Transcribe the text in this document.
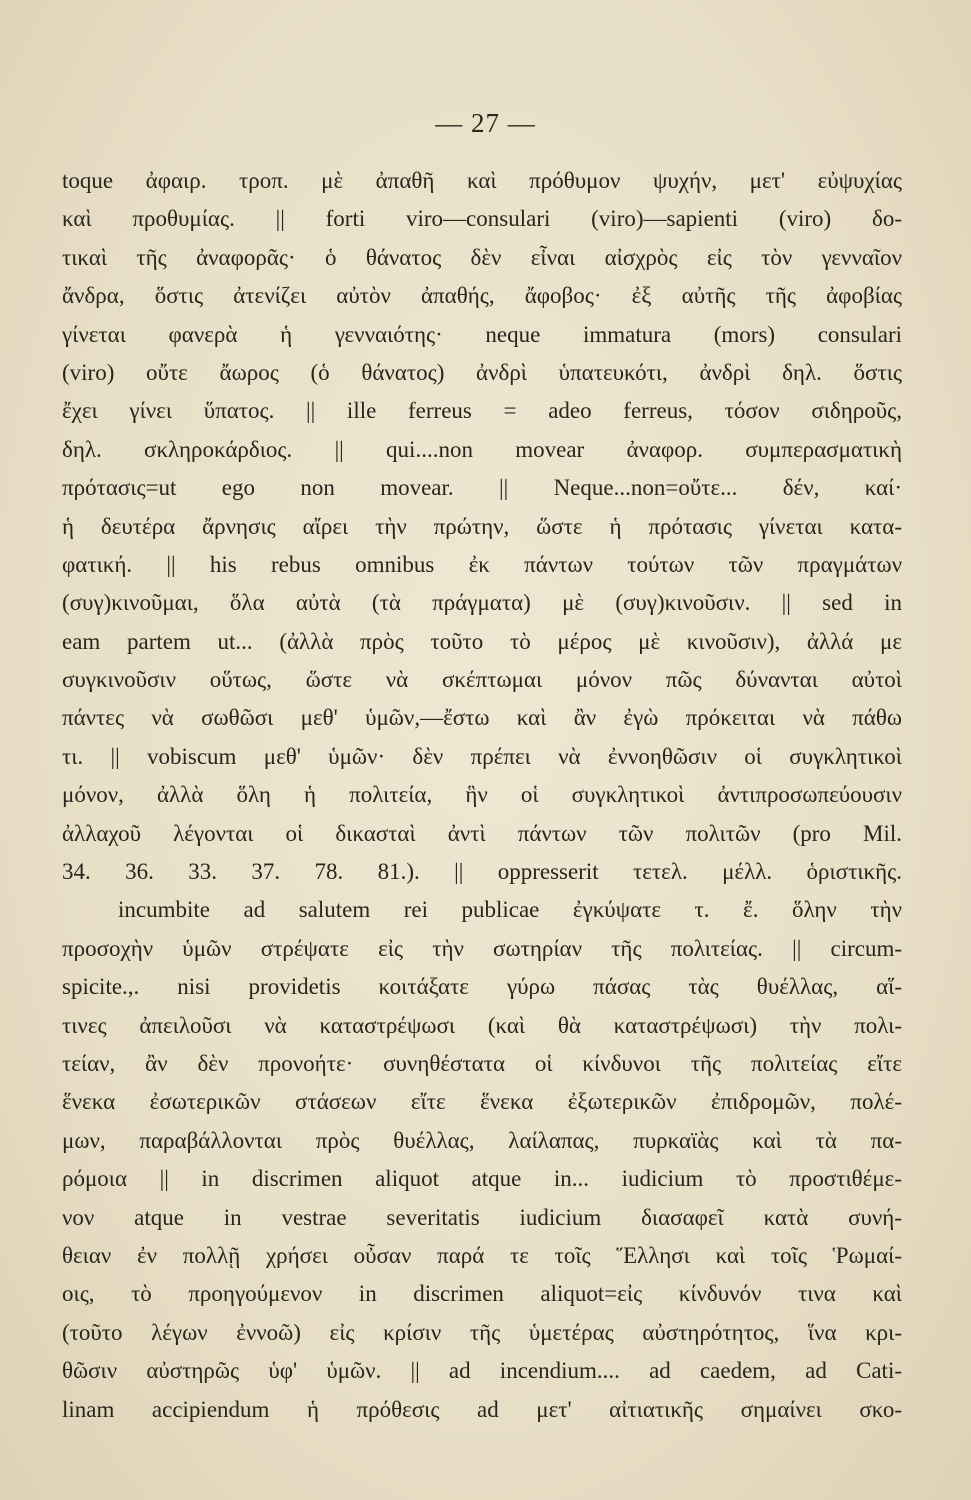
— 27 —
toque ἀφαιρ. τροπ. μὲ ἀπαθῆ καὶ πρόθυμον ψυχήν, μετ' εὐψυχίας
καὶ προθυμίας. || forti viro—consulari (viro)—sapienti (viro) δο-
τικαὶ τῆς ἀναφορᾶς· ὁ θάνατος δὲν εἶναι αἰσχρὸς εἰς τὸν γενναῖον
ἄνδρα, ὅστις ἀτενίζει αὐτὸν ἀπαθής, ἄφοβος· ἐξ αὐτῆς τῆς ἀφοβίας
γίνεται φανερὰ ἡ γενναιότης· neque immatura (mors) consulari
(viro) οὔτε ἄωρος (ὁ θάνατος) ἀνδρὶ ὑπατευκότι, ἀνδρὶ δηλ. ὅστις
ἔχει γίνει ὕπατος. || ille ferreus = adeo ferreus, τόσον σιδηροῦς,
δηλ. σκληροκάρδιος. || qui....non movear ἀναφορ. συμπερασματικὴ
πρότασις=ut ego non movear. || Neque...non=οὔτε... δέν, καί·
ἡ δευτέρα ἄρνησις αἴρει τὴν πρώτην, ὥστε ἡ πρότασις γίνεται κατα-
φατική. || his rebus omnibus ἐκ πάντων τούτων τῶν πραγμάτων
(συγ)κινοῦμαι, ὅλα αὐτὰ (τὰ πράγματα) μὲ (συγ)κινοῦσιν. || sed in
eam partem ut... (ἀλλὰ πρὸς τοῦτο τὸ μέρος μὲ κινοῦσιν), ἀλλά με
συγκινοῦσιν οὕτως, ὥστε νὰ σκέπτωμαι μόνον πῶς δύνανται αὐτοὶ
πάντες νὰ σωθῶσι μεθ' ὑμῶν,—ἔστω καὶ ἂν ἐγὼ πρόκειται νὰ πάθω
τι. || vobiscum μεθ' ὑμῶν· δὲν πρέπει νὰ ἐννοηθῶσιν οἱ συγκλητικοὶ
μόνον, ἀλλὰ ὅλη ἡ πολιτεία, ἣν οἱ συγκλητικοὶ ἀντιπροσωπεύουσιν
ἀλλαχοῦ λέγονται οἱ δικασταὶ ἀντὶ πάντων τῶν πολιτῶν (pro Mil.
34. 36. 33. 37. 78. 81.). || oppresserit τετελ. μέλλ. ὁριστικῆς.
incumbite ad salutem rei publicae ἐγκύψατε τ. ἔ. ὅλην τὴν
προσοχὴν ὑμῶν στρέψατε εἰς τὴν σωτηρίαν τῆς πολιτείας. || circum-
spicite.,. nisi providetis κοιτάξατε γύρω πάσας τὰς θυέλλας, αἵ-
τινες ἀπειλοῦσι νὰ καταστρέψωσι (καὶ θὰ καταστρέψωσι) τὴν πολι-
τείαν, ἂν δὲν προνοήτε· συνηθέστατα οἱ κίνδυνοι τῆς πολιτείας εἴτε
ἕνεκα ἐσωτερικῶν στάσεων εἴτε ἕνεκα ἐξωτερικῶν ἐπιδρομῶν, πολέ-
μων, παραβάλλονται πρὸς θυέλλας, λαίλαπας, πυρκαϊὰς καὶ τὰ πα-
ρόμοια || in discrimen aliquot atque in... iudicium τὸ προστιθέμε-
νον atque in vestrae severitatis iudicium διασαφεῖ κατὰ συνή-
θειαν ἐν πολλῇ χρήσει οὖσαν παρά τε τοῖς Ἕλλησι καὶ τοῖς Ῥωμαί-
οις, τὸ προηγούμενον in discrimen aliquot=εἰς κίνδυνόν τινα καὶ
(τοῦτο λέγων ἐννοῶ) εἰς κρίσιν τῆς ὑμετέρας αὐστηρότητος, ἵνα κρι-
θῶσιν αὐστηρῶς ὑφ' ὑμῶν. || ad incendium.... ad caedem, ad Cati-
linam accipiendum ἡ πρόθεσις ad μετ' αἰτιατικῆς σημαίνει σκο-
